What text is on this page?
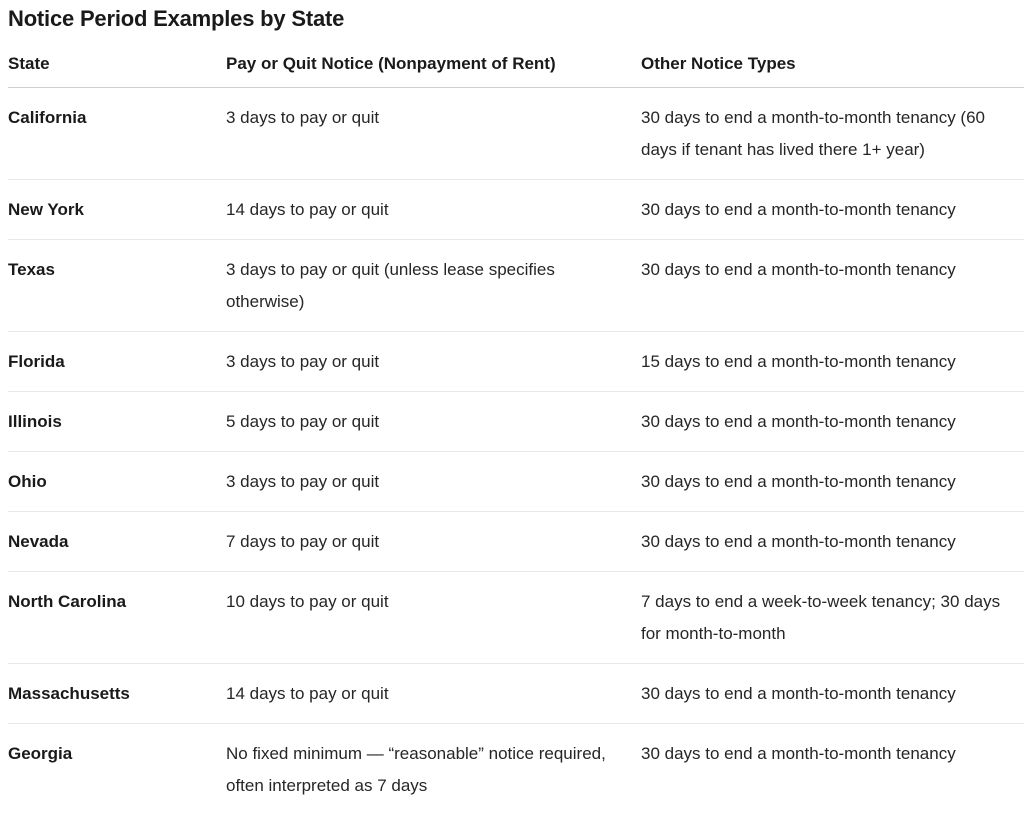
Notice Period Examples by State
State	Pay or Quit Notice (Nonpayment of Rent)	Other Notice Types
California	3 days to pay or quit	30 days to end a month-to-month tenancy (60 days if tenant has lived there 1+ year)
New York	14 days to pay or quit	30 days to end a month-to-month tenancy
Texas	3 days to pay or quit (unless lease specifies otherwise)	30 days to end a month-to-month tenancy
Florida	3 days to pay or quit	15 days to end a month-to-month tenancy
Illinois	5 days to pay or quit	30 days to end a month-to-month tenancy
Ohio	3 days to pay or quit	30 days to end a month-to-month tenancy
Nevada	7 days to pay or quit	30 days to end a month-to-month tenancy
North Carolina	10 days to pay or quit	7 days to end a week-to-week tenancy; 30 days for month-to-month
Massachusetts	14 days to pay or quit	30 days to end a month-to-month tenancy
Georgia	No fixed minimum — “reasonable” notice required, often interpreted as 7 days	30 days to end a month-to-month tenancy
